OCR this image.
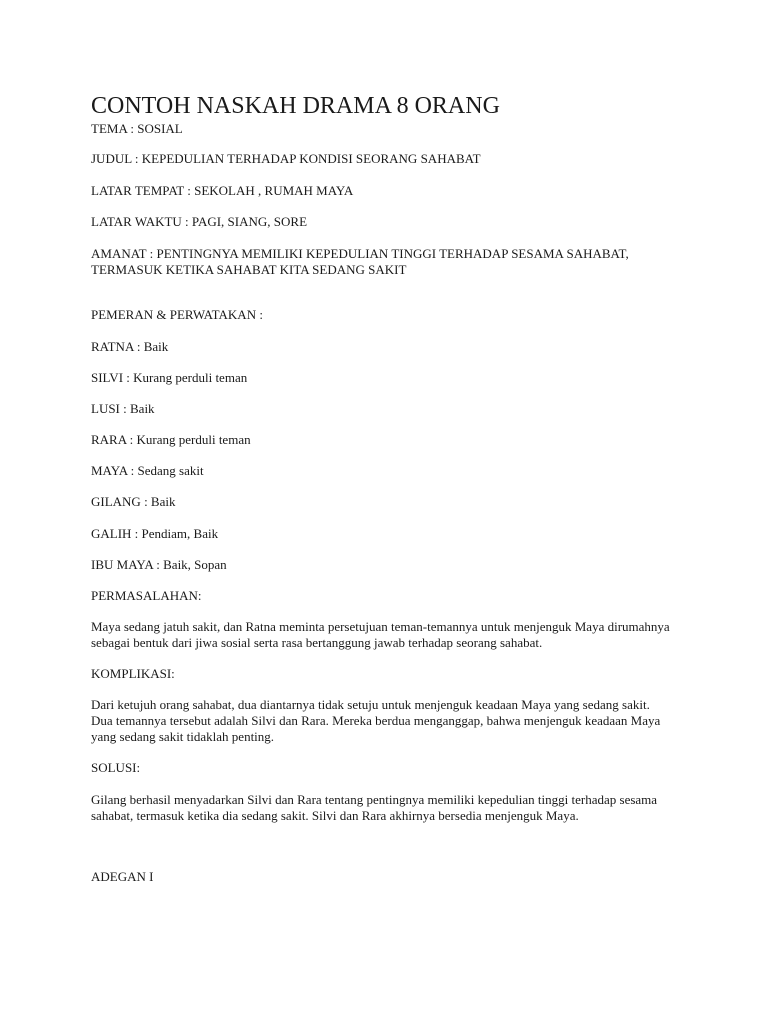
CONTOH NASKAH DRAMA 8 ORANG
TEMA : SOSIAL
JUDUL : KEPEDULIAN TERHADAP KONDISI SEORANG SAHABAT
LATAR TEMPAT : SEKOLAH , RUMAH MAYA
LATAR WAKTU : PAGI, SIANG, SORE
AMANAT : PENTINGNYA MEMILIKI KEPEDULIAN TINGGI TERHADAP SESAMA SAHABAT,
TERMASUK KETIKA SAHABAT KITA SEDANG SAKIT
PEMERAN & PERWATAKAN :
RATNA : Baik
SILVI : Kurang perduli teman
LUSI : Baik
RARA : Kurang perduli teman
MAYA : Sedang sakit
GILANG : Baik
GALIH : Pendiam, Baik
IBU MAYA : Baik, Sopan
PERMASALAHAN:
Maya sedang jatuh sakit, dan Ratna meminta persetujuan teman-temannya untuk menjenguk Maya dirumahnya
sebagai bentuk dari jiwa sosial serta rasa bertanggung jawab terhadap seorang sahabat.
KOMPLIKASI:
Dari ketujuh orang sahabat, dua diantarnya tidak setuju untuk menjenguk keadaan Maya yang sedang sakit.
Dua temannya tersebut adalah Silvi dan Rara. Mereka berdua menganggap, bahwa menjenguk keadaan Maya
yang sedang sakit tidaklah penting.
SOLUSI:
Gilang berhasil menyadarkan Silvi dan Rara tentang pentingnya memiliki kepedulian tinggi terhadap sesama
sahabat, termasuk ketika dia sedang sakit. Silvi dan Rara akhirnya bersedia menjenguk Maya.
ADEGAN I
